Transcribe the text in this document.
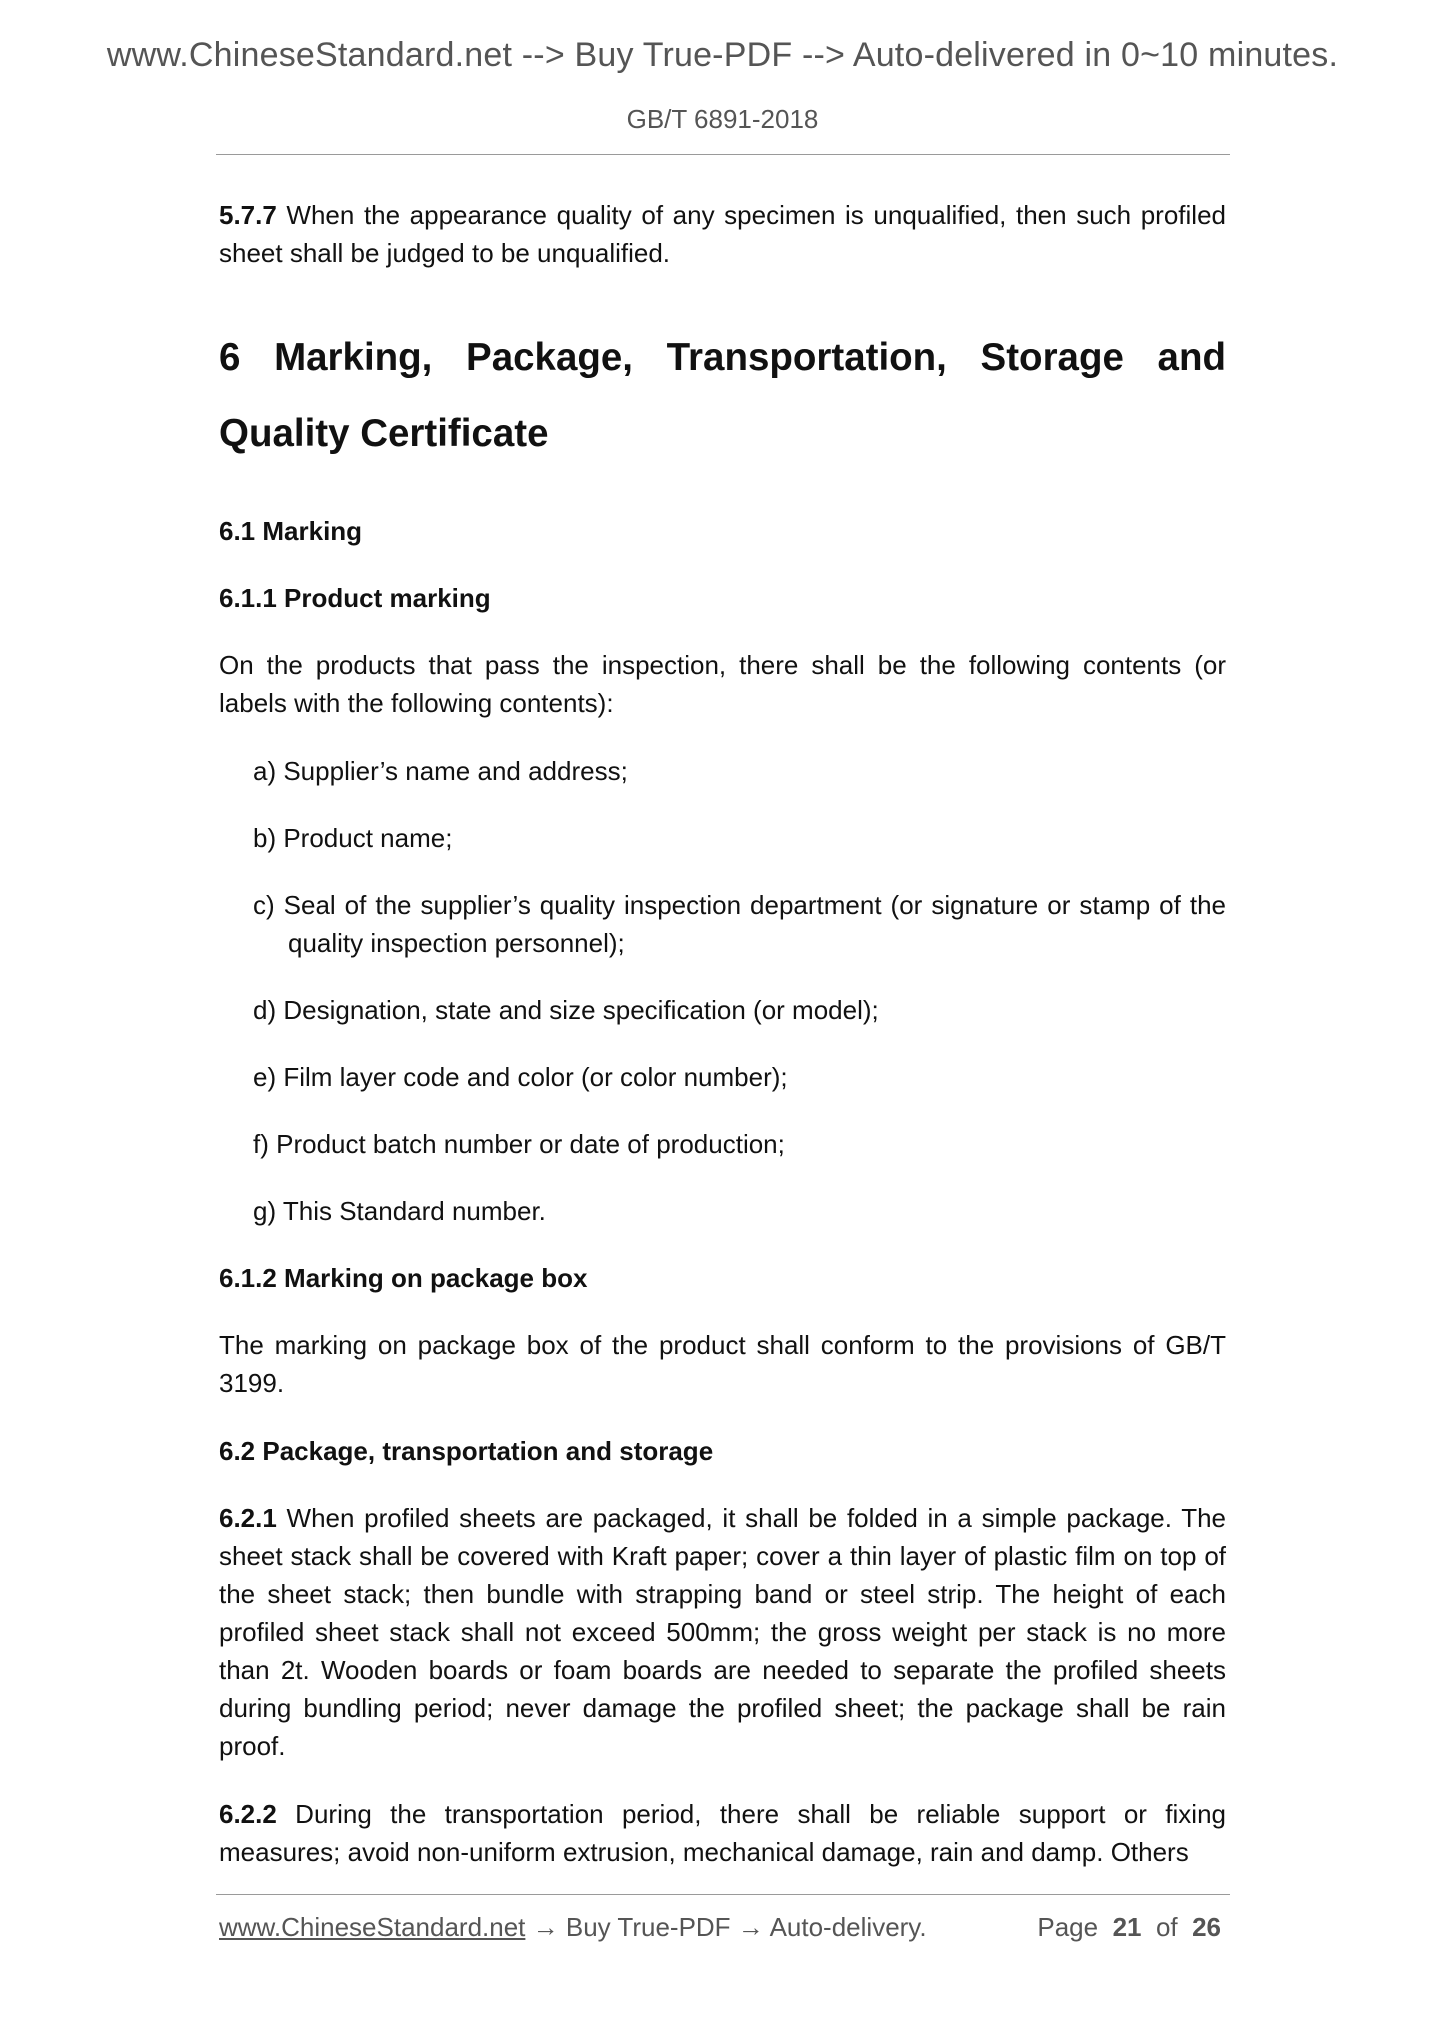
www.ChineseStandard.net --> Buy True-PDF --> Auto-delivered in 0~10 minutes.
GB/T 6891-2018

5.7.7 When the appearance quality of any specimen is unqualified, then such profiled sheet shall be judged to be unqualified.

6 Marking, Package, Transportation, Storage and
Quality Certificate
6.1 Marking
6.1.1 Product marking

On the products that pass the inspection, there shall be the following contents (or labels with the following contents):

a) Supplier’s name and address;
b) Product name;
c) Seal of the supplier’s quality inspection department (or signature or stamp of the quality inspection personnel);
d) Designation, state and size specification (or model);
e) Film layer code and color (or color number);
f) Product batch number or date of production;
g) This Standard number.
6.1.2 Marking on package box

The marking on package box of the product shall conform to the provisions of GB/T 3199.

6.2 Package, transportation and storage

6.2.1 When profiled sheets are packaged, it shall be folded in a simple package. The sheet stack shall be covered with Kraft paper; cover a thin layer of plastic film on top of the sheet stack; then bundle with strapping band or steel strip. The height of each profiled sheet stack shall not exceed 500mm; the gross weight per stack is no more than 2t. Wooden boards or foam boards are needed to separate the profiled sheets during bundling period; never damage the profiled sheet; the package shall be rain proof.

6.2.2 During the transportation period, there shall be reliable support or fixing measures; avoid non-uniform extrusion, mechanical damage, rain and damp. Others

www.ChineseStandard.net → Buy True-PDF → Auto-delivery.	Page 21 of 26
